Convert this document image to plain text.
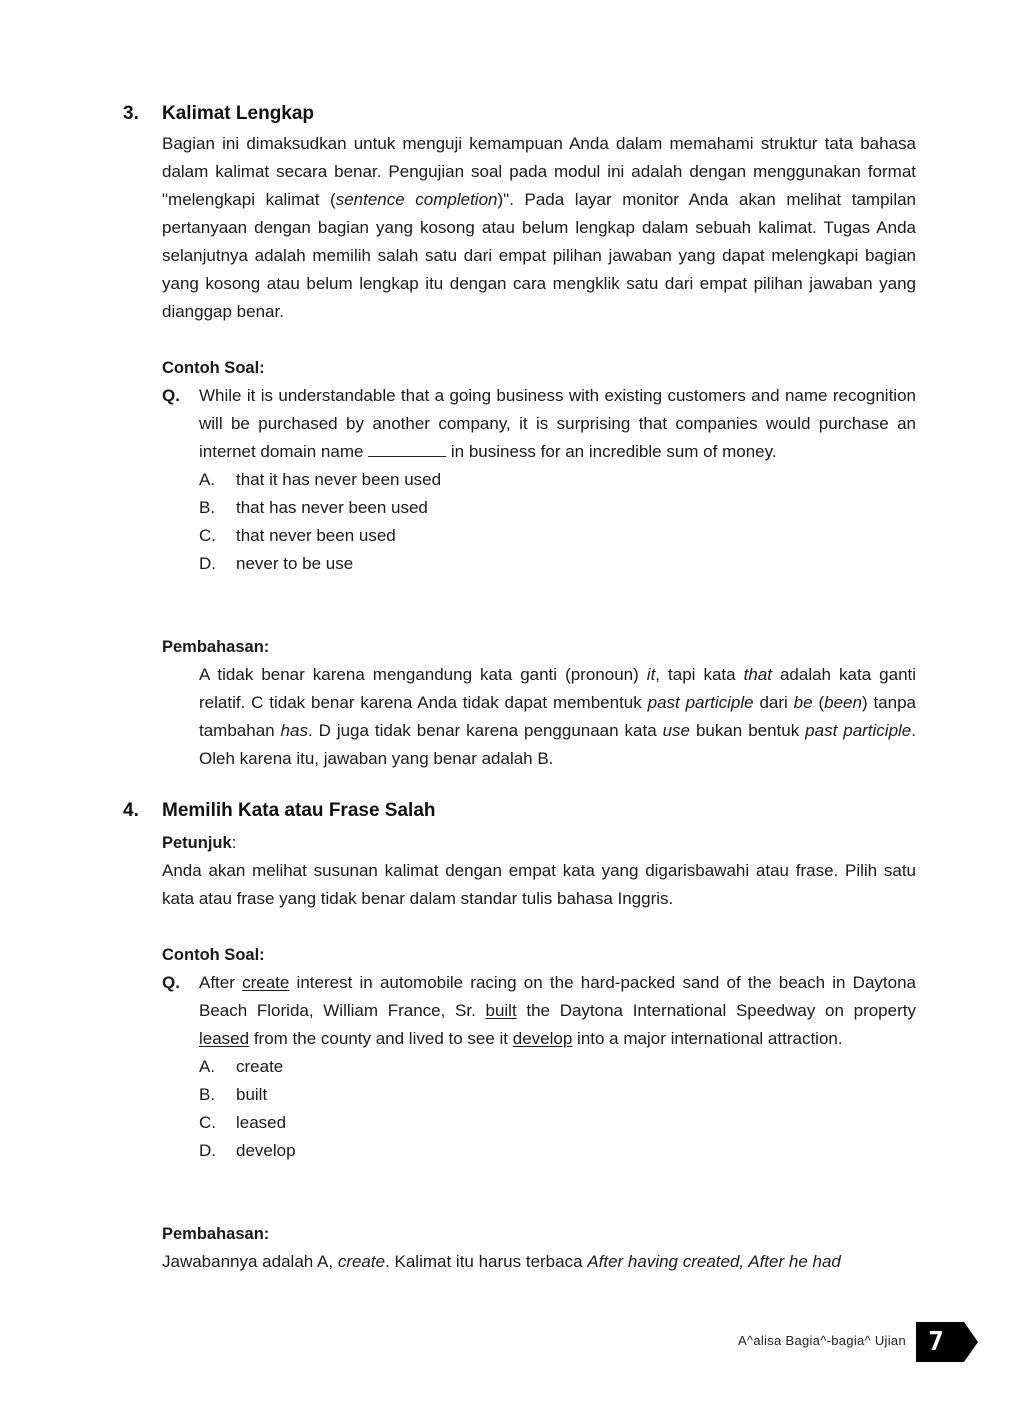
3. Kalimat Lengkap
Bagian ini dimaksudkan untuk menguji kemampuan Anda dalam memahami struktur tata bahasa dalam kalimat secara benar. Pengujian soal pada modul ini adalah dengan menggunakan format "melengkapi kalimat (sentence completion)". Pada layar monitor Anda akan melihat tampilan pertanyaan dengan bagian yang kosong atau belum lengkap dalam sebuah kalimat. Tugas Anda selanjutnya adalah memilih salah satu dari empat pilihan jawaban yang dapat melengkapi bagian yang kosong atau belum lengkap itu dengan cara mengklik satu dari empat pilihan jawaban yang dianggap benar.
Contoh Soal:
Q. While it is understandable that a going business with existing customers and name recognition will be purchased by another company, it is surprising that companies would purchase an internet domain name	in business for an incredible sum of money.
A.	that it has never been used
B.	that has never been used
C.	that never been used
D.	never to be use
Pembahasan:
A tidak benar karena mengandung kata ganti (pronoun) it, tapi kata that adalah kata ganti relatif. C tidak benar karena Anda tidak dapat membentuk past participle dari be (been) tanpa tambahan has. D juga tidak benar karena penggunaan kata use bukan bentuk past participle. Oleh karena itu, jawaban yang benar adalah B.
4. Memilih Kata atau Frase Salah
Petunjuk:
Anda akan melihat susunan kalimat dengan empat kata yang digarisbawahi atau frase. Pilih satu kata atau frase yang tidak benar dalam standar tulis bahasa Inggris.
Contoh Soal:
Q. After create interest in automobile racing on the hard-packed sand of the beach in Daytona Beach Florida, William France, Sr. built the Daytona International Speedway on property leased from the county and lived to see it develop into a major international attraction.
A.	create
B.	built
C.	leased
D.	develop
Pembahasan:
Jawabannya adalah A, create. Kalimat itu harus terbaca After having created, After he had
A^alisa Bagia^-bagia^ Ujian 7
